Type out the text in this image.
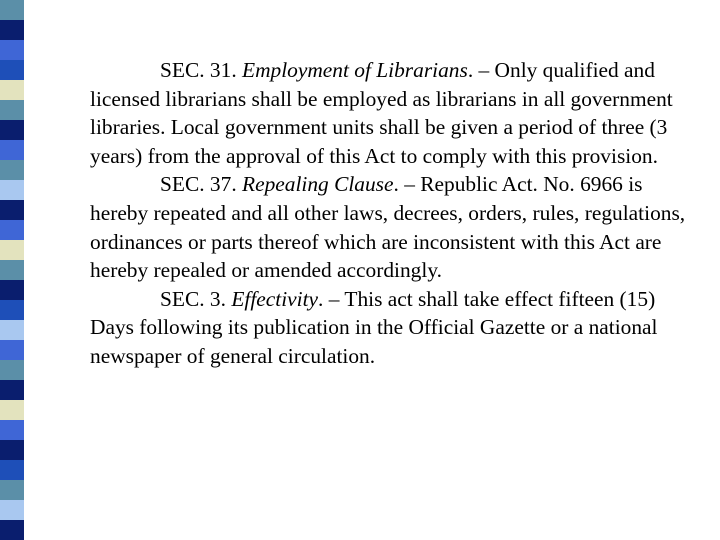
SEC. 31. Employment of Librarians. – Only qualified and licensed librarians shall be employed as librarians in all government libraries. Local government units shall be given a period of three (3 years) from the approval of this Act to comply with this provision.

SEC. 37. Repealing Clause. – Republic Act. No. 6966 is hereby repeated and all other laws, decrees, orders, rules, regulations, ordinances or parts thereof which are inconsistent with this Act are hereby repealed or amended accordingly.

SEC. 3. Effectivity. – This act shall take effect fifteen (15) Days following its publication in the Official Gazette or a national newspaper of general circulation.
